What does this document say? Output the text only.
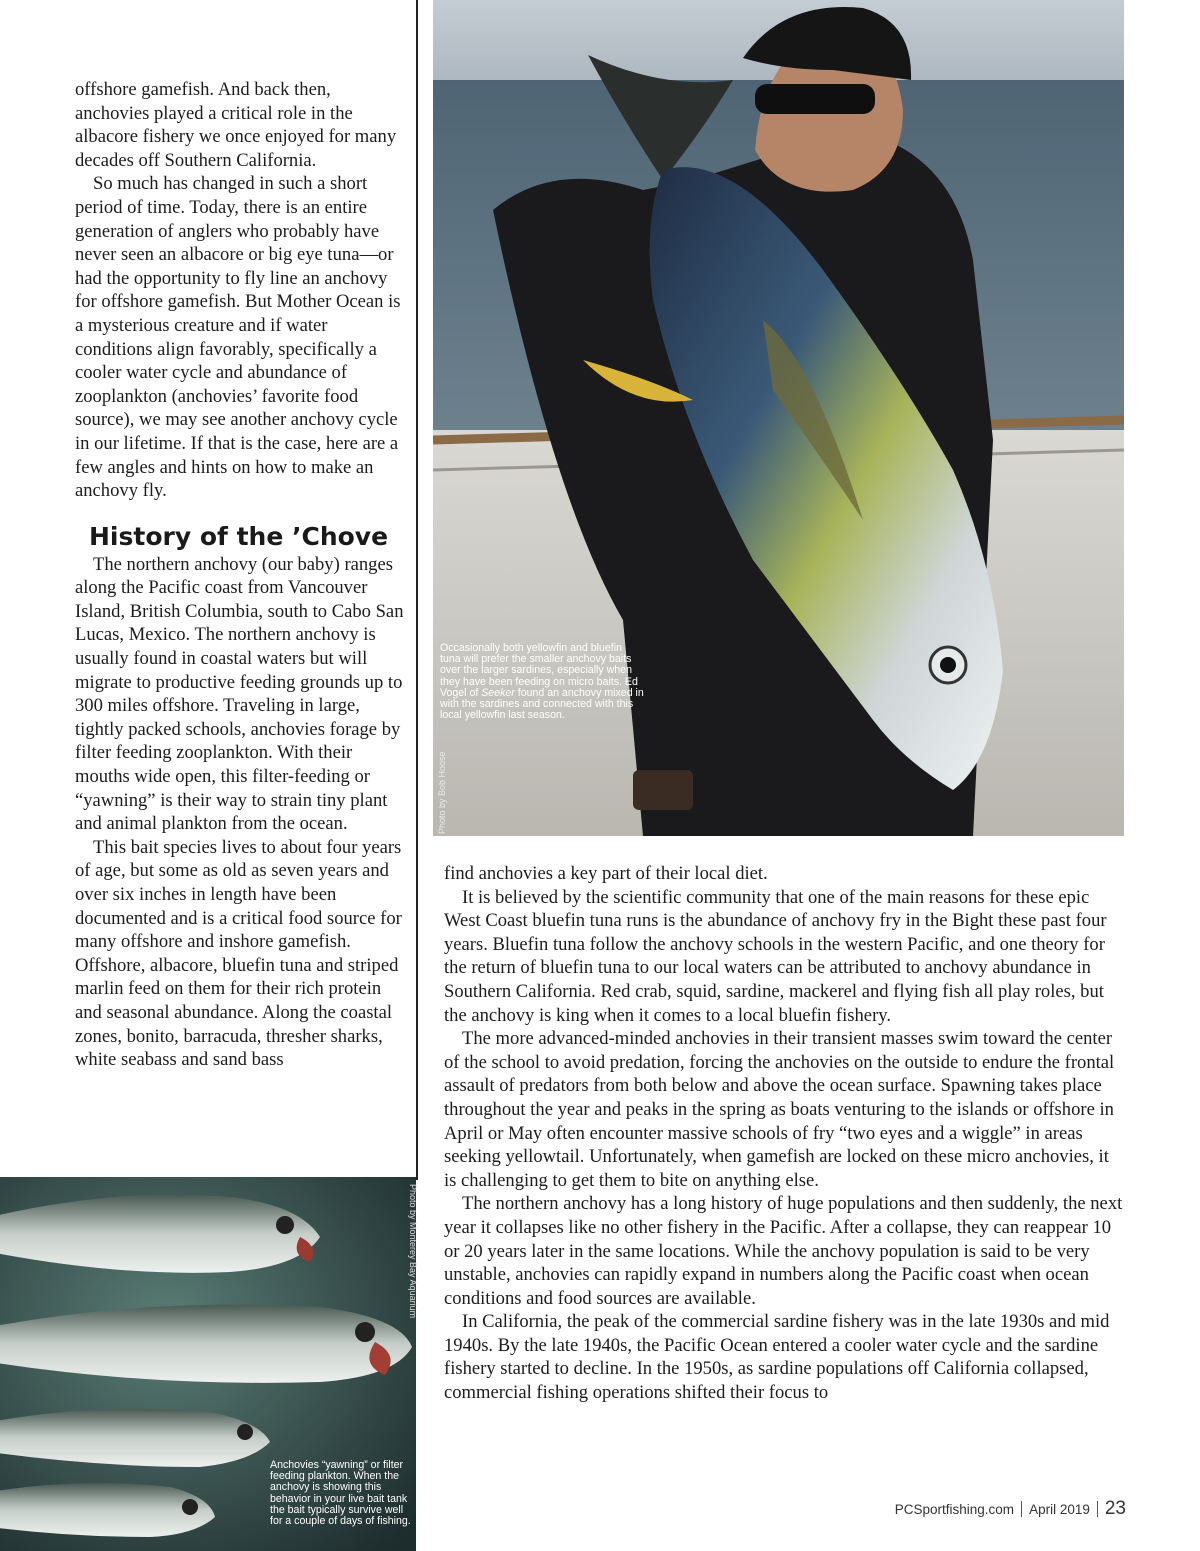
offshore gamefish. And back then, anchovies played a critical role in the albacore fishery we once enjoyed for many decades off Southern California.

So much has changed in such a short period of time. Today, there is an entire generation of anglers who probably have never seen an albacore or big eye tuna—or had the opportunity to fly line an anchovy for offshore gamefish. But Mother Ocean is a mysterious creature and if water conditions align favorably, specifically a cooler water cycle and abundance of zooplankton (anchovies’ favorite food source), we may see another anchovy cycle in our lifetime. If that is the case, here are a few angles and hints on how to make an anchovy fly.

History of the ’Chove

The northern anchovy (our baby) ranges along the Pacific coast from Vancouver Island, British Columbia, south to Cabo San Lucas, Mexico. The northern anchovy is usually found in coastal waters but will migrate to productive feeding grounds up to 300 miles offshore. Traveling in large, tightly packed schools, anchovies forage by filter feeding zooplankton. With their mouths wide open, this filter-feeding or “yawning” is their way to strain tiny plant and animal plankton from the ocean.

This bait species lives to about four years of age, but some as old as seven years and over six inches in length have been documented and is a critical food source for many offshore and inshore gamefish. Offshore, albacore, bluefin tuna and striped marlin feed on them for their rich protein and seasonal abundance. Along the coastal zones, bonito, barracuda, thresher sharks, white seabass and sand bass

Occasionally both yellowfin and bluefin tuna will prefer the smaller anchovy baits over the larger sardines, especially when they have been feeding on micro baits. Ed Vogel of Seeker found an anchovy mixed in with the sardines and connected with this local yellowfin last season.
Photo by Bob Hoose
Photo by Monterey Bay Aquarium
Anchovies “yawning” or filter feeding plankton. When the anchovy is showing this behavior in your live bait tank the bait typically survive well for a couple of days of fishing.

find anchovies a key part of their local diet.

It is believed by the scientific community that one of the main reasons for these epic West Coast bluefin tuna runs is the abundance of anchovy fry in the Bight these past four years. Bluefin tuna follow the anchovy schools in the western Pacific, and one theory for the return of bluefin tuna to our local waters can be attributed to anchovy abundance in Southern California. Red crab, squid, sardine, mackerel and flying fish all play roles, but the anchovy is king when it comes to a local bluefin fishery.

The more advanced-minded anchovies in their transient masses swim toward the center of the school to avoid predation, forcing the anchovies on the outside to endure the frontal assault of predators from both below and above the ocean surface. Spawning takes place throughout the year and peaks in the spring as boats venturing to the islands or offshore in April or May often encounter massive schools of fry “two eyes and a wiggle” in areas seeking yellowtail. Unfortunately, when gamefish are locked on these micro anchovies, it is challenging to get them to bite on anything else.

The northern anchovy has a long history of huge populations and then suddenly, the next year it collapses like no other fishery in the Pacific. After a collapse, they can reappear 10 or 20 years later in the same locations. While the anchovy population is said to be very unstable, anchovies can rapidly expand in numbers along the Pacific coast when ocean conditions and food sources are available.

In California, the peak of the commercial sardine fishery was in the late 1930s and mid 1940s. By the late 1940s, the Pacific Ocean entered a cooler water cycle and the sardine fishery started to decline. In the 1950s, as sardine populations off California collapsed, commercial fishing operations shifted their focus to

PCSportfishing.com April 2019 23
